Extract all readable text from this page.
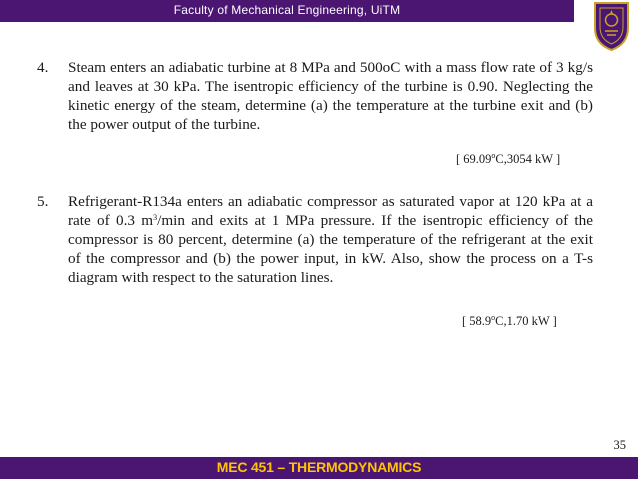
Faculty of Mechanical Engineering, UiTM
4. Steam enters an adiabatic turbine at 8 MPa and 500oC with a mass flow rate of 3 kg/s and leaves at 30 kPa. The isentropic efficiency of the turbine is 0.90. Neglecting the kinetic energy of the steam, determine (a) the temperature at the turbine exit and (b) the power output of the turbine.
[ 69.09$^o$C,3054 kW ]
5. Refrigerant-R134a enters an adiabatic compressor as saturated vapor at 120 kPa at a rate of 0.3 $m^3/\min$ and exits at 1 MPa pressure. If the isentropic efficiency of the compressor is 80 percent, determine (a) the temperature of the refrigerant at the exit of the compressor and (b) the power input, in kW. Also, show the process on a T-s diagram with respect to the saturation lines.
[ 58.9$^o$C,1.70 kW ]
35
MEC 451 – THERMODYNAMICS
